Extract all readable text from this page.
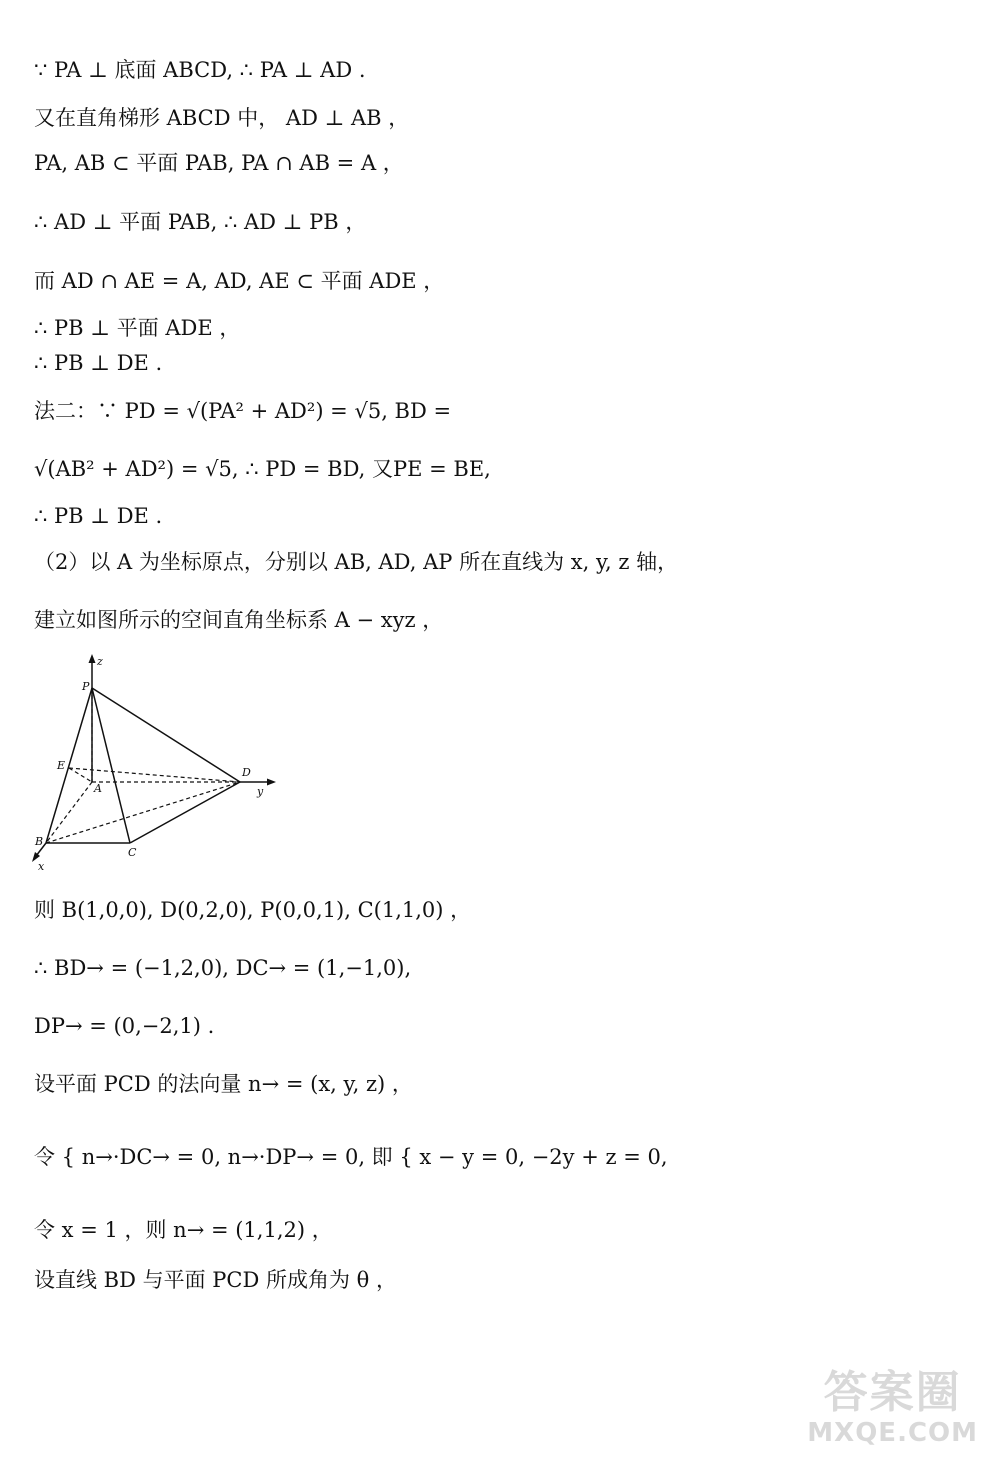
∵ PA ⊥ 底面 ABCD, ∴ PA ⊥ AD .
又在直角梯形 ABCD 中， AD ⊥ AB ，
PA, AB ⊂ 平面 PAB, PA ∩ AB = A ，
∴ AD ⊥ 平面 PAB, ∴ AD ⊥ PB ，
而 AD ∩ AE = A, AD, AE ⊂ 平面 ADE ，
∴ PB ⊥ 平面 ADE ，
∴ PB ⊥ DE .
法二：∵ PD = √(PA² + AD²) = √5, BD =
√(AB² + AD²) = √5, ∴ PD = BD, 又PE = BE,
∴ PB ⊥ DE .
（2）以 A 为坐标原点，分别以 AB, AD, AP 所在直线为 x, y, z 轴，
建立如图所示的空间直角坐标系 A − xyz ，
z
P
E
A
D
y
B
C
x
则 B(1,0,0), D(0,2,0), P(0,0,1), C(1,1,0) ，
∴ BD→ = (−1,2,0), DC→ = (1,−1,0),
DP→ = (0,−2,1) .
设平面 PCD 的法向量 n→ = (x, y, z) ，
令 { n→·DC→ = 0, n→·DP→ = 0, 即 { x − y = 0, −2y + z = 0,
令 x = 1 ，则 n→ = (1,1,2) ，
设直线 BD 与平面 PCD 所成角为 θ ，
答案圈
MXQE.COM
